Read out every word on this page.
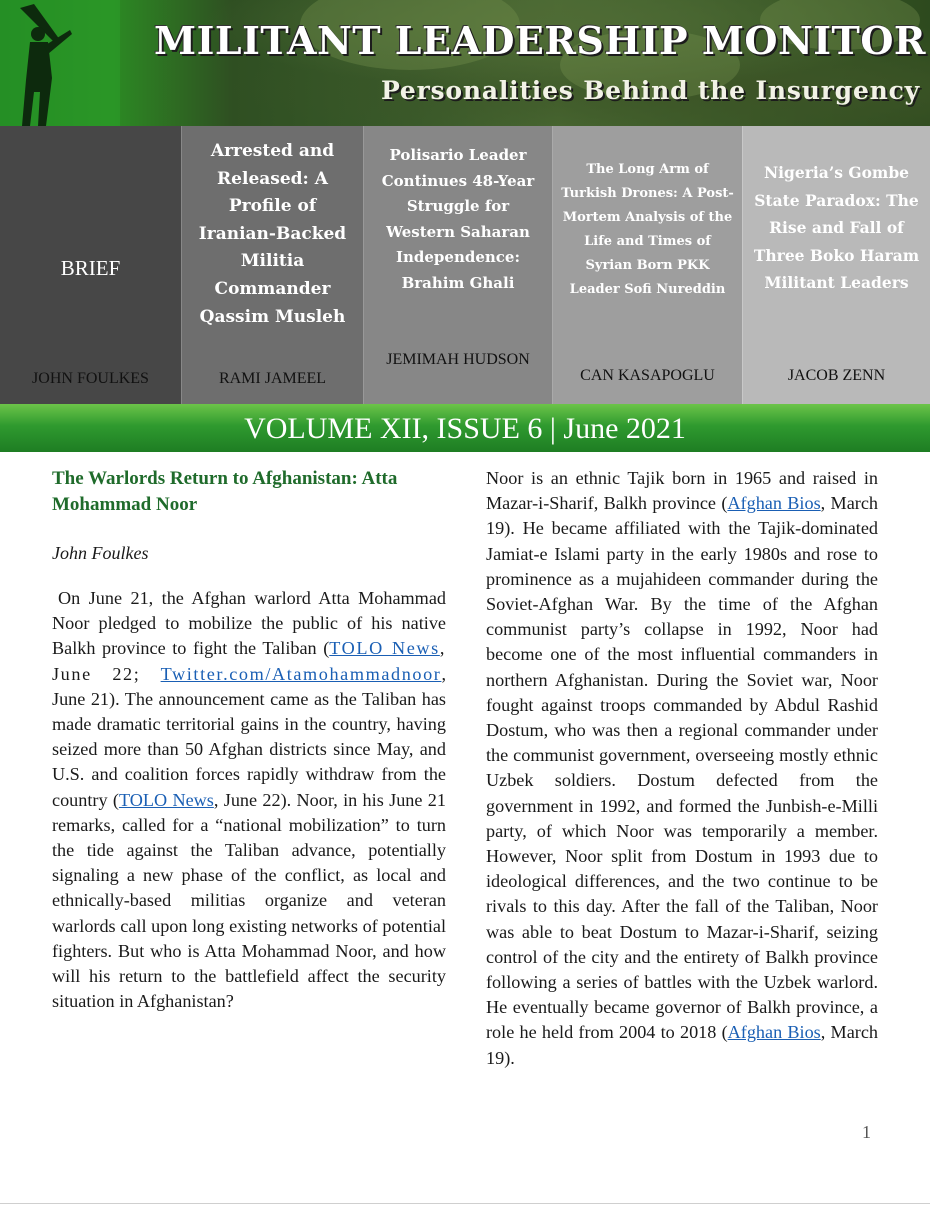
MILITANT LEADERSHIP MONITOR
Personalities Behind the Insurgency
BRIEF
JOHN FOULKES
Arrested and Released: A Profile of Iranian-Backed Militia Commander Qassim Musleh
RAMI JAMEEL
Polisario Leader Continues 48-Year Struggle for Western Saharan Independence: Brahim Ghali
JEMIMAH HUDSON
The Long Arm of Turkish Drones: A Post-Mortem Analysis of the Life and Times of Syrian Born PKK Leader Sofi Nureddin
CAN KASAPOGLU
Nigeria’s Gombe State Paradox: The Rise and Fall of Three Boko Haram Militant Leaders
JACOB ZENN
VOLUME XII, ISSUE 6 | June 2021

The Warlords Return to Afghanistan: Atta Mohammad Noor

John Foulkes

On June 21, the Afghan warlord Atta Mohammad Noor pledged to mobilize the public of his native Balkh province to fight the Taliban (TOLO News, June 22; Twitter.com/Atamohammadnoor, June 21). The announcement came as the Taliban has made dramatic territorial gains in the country, having seized more than 50 Afghan districts since May, and U.S. and coalition forces rapidly withdraw from the country (TOLO News, June 22). Noor, in his June 21 remarks, called for a “national mobilization” to turn the tide against the Taliban advance, potentially signaling a new phase of the conflict, as local and ethnically-based militias organize and veteran warlords call upon long existing networks of potential fighters. But who is Atta Mohammad Noor, and how will his return to the battlefield affect the security situation in Afghanistan?

Noor is an ethnic Tajik born in 1965 and raised in Mazar-i-Sharif, Balkh province (Afghan Bios, March 19). He became affiliated with the Tajik-dominated Jamiat-e Islami party in the early 1980s and rose to prominence as a mujahideen commander during the Soviet-Afghan War. By the time of the Afghan communist party’s collapse in 1992, Noor had become one of the most influential commanders in northern Afghanistan. During the Soviet war, Noor fought against troops commanded by Abdul Rashid Dostum, who was then a regional commander under the communist government, overseeing mostly ethnic Uzbek soldiers. Dostum defected from the government in 1992, and formed the Junbish-e-Milli party, of which Noor was temporarily a member. However, Noor split from Dostum in 1993 due to ideological differences, and the two continue to be rivals to this day. After the fall of the Taliban, Noor was able to beat Dostum to Mazar-i-Sharif, seizing control of the city and the entirety of Balkh province following a series of battles with the Uzbek warlord. He eventually became governor of Balkh province, a role he held from 2004 to 2018 (Afghan Bios, March 19).

1
